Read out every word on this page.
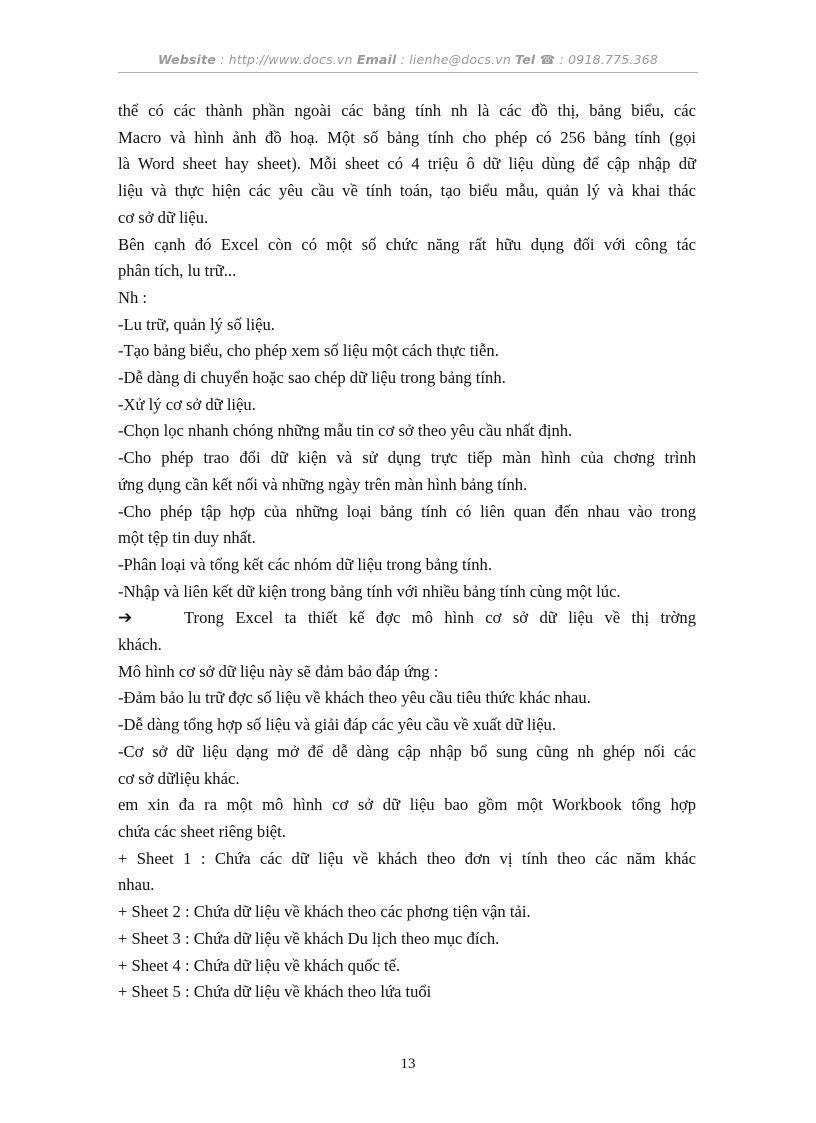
Website : http://www.docs.vn Email : lienhe@docs.vn Tel ☎ : 0918.775.368

thể có các thành phần ngoài các bảng tính nh là các đồ thị, bảng biểu, các

Macro và hình ảnh đồ hoạ. Một số bảng tính cho phép có 256 bảng tính (gọi

là Word sheet hay sheet). Mỗi sheet có 4 triệu ô dữ liệu dùng để cập nhập dữ

liệu và thực hiện các yêu cầu về tính toán, tạo biểu mẫu, quản lý và khai thác

cơ sở dữ liệu.

Bên cạnh đó Excel còn có một số chức năng rất hữu dụng đối với công tác

phân tích, lu trữ...

Nh :

-Lu trữ, quản lý số liệu.

-Tạo bảng biểu, cho phép xem số liệu một cách thực tiễn.

-Dễ dàng di chuyển hoặc sao chép dữ liệu trong bảng tính.

-Xử lý cơ sở dữ liệu.

-Chọn lọc nhanh chóng những mẫu tin cơ sở theo yêu cầu nhất định.

-Cho phép trao đổi dữ kiện và sử dụng trực tiếp màn hình của chơng trình

ứng dụng cần kết nối và những ngày trên màn hình bảng tính.

-Cho phép tập hợp của những loại bảng tính có liên quan đến nhau vào trong

một tệp tin duy nhất.

-Phân loại và tổng kết các nhóm dữ liệu trong bảng tính.

-Nhập và liên kết dữ kiện trong bảng tính với nhiều bảng tính cùng một lúc.

➔	Trong Excel ta thiết kế đợc mô hình cơ sở dữ liệu về thị trờng

khách.

Mô hình cơ sở dữ liệu này sẽ đảm bảo đáp ứng :

-Đảm bảo lu trữ đợc số liệu về khách theo yêu cầu tiêu thức khác nhau.

-Dễ dàng tổng hợp số liệu và giải đáp các yêu cầu về xuất dữ liệu.

-Cơ sở dữ liệu dạng mở để dễ dàng cập nhập bổ sung cũng nh ghép nối các

cơ sở dữliệu khác.

em xin đa ra một mô hình cơ sở dữ liệu bao gồm một Workbook tổng hợp

chứa các sheet riêng biệt.

+ Sheet 1 : Chứa các dữ liệu về khách theo đơn vị tính theo các năm khác

nhau.

+ Sheet 2 : Chứa dữ liệu về khách theo các phơng tiện vận tải.

+ Sheet 3 : Chứa dữ liệu về khách Du lịch theo mục đích.

+ Sheet 4 : Chứa dữ liệu về khách quốc tế.

+ Sheet 5 : Chứa dữ liệu về khách theo lứa tuổi

13
